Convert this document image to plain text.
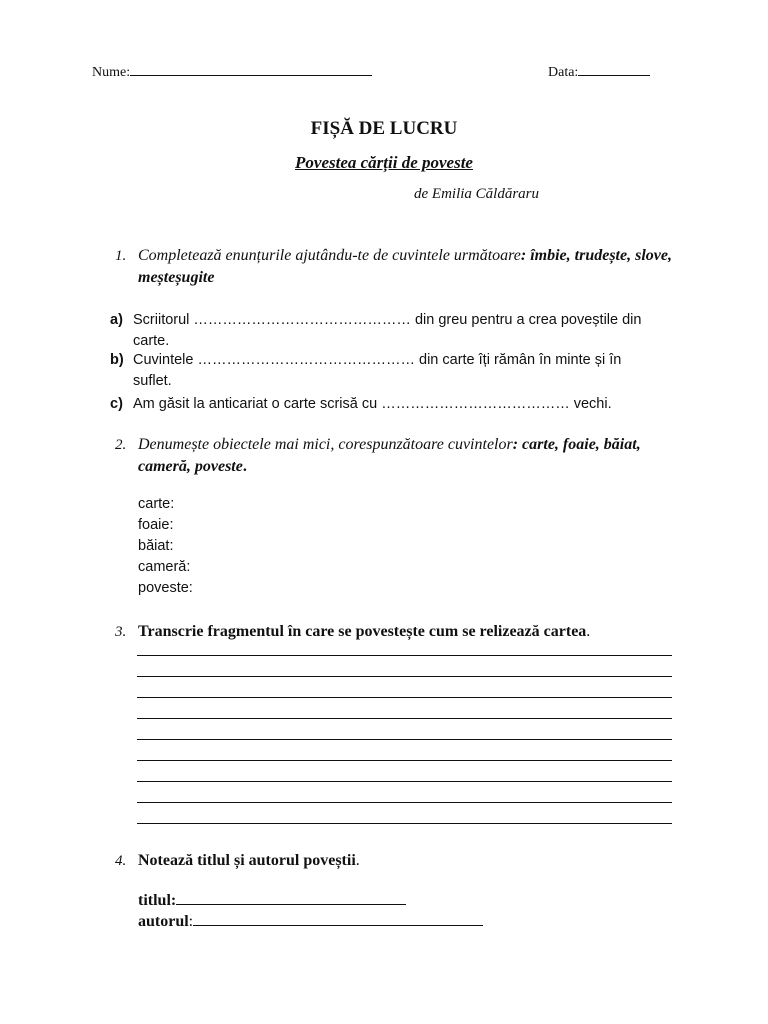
Nume:	Data:
FIȘĂ DE LUCRU
Povestea cărții de poveste
de Emilia Căldăraru
1. Completează enunțurile ajutându-te de cuvintele următoare: îmbie, trudește, slove, meșteșugite
a) Scriitorul ……………………………………… din greu pentru a crea poveștile din carte.
b) Cuvintele ……………………………………… din carte îți rămân în minte și în suflet.
c) Am găsit la anticariat o carte scrisă cu ………………………………… vechi.
2. Denumește obiectele mai mici, corespunzătoare cuvintelor: carte, foaie, băiat, cameră, poveste.
carte:
foaie:
băiat:
cameră:
poveste:
3. Transcrie fragmentul în care se povestește cum se relizează cartea.
4. Notează titlul și autorul poveștii.
titlul:
autorul:
